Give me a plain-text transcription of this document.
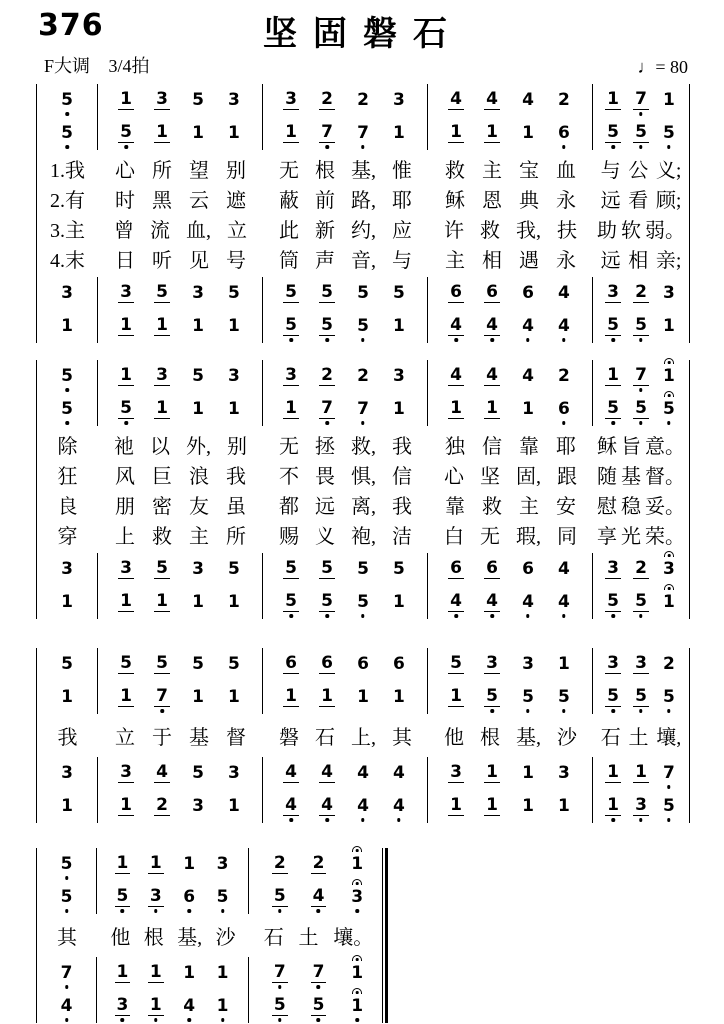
376	坚固磐石
F大调 3/4拍	♩= 80
5
5
1 3 5 3
5 1 1 1
3 2 2 3
1 7 7 1
4 4 4 2
1 1 1 6
1 7 1
5 5 5
1.我 心 所 望 别 无 根 基, 惟 救 主 宝 血 与 公 义;
2.有 时 黑 云 遮 蔽 前 路, 耶 稣 恩 典 永 远 看 顾;
3.主 曾 流 血, 立 此 新 约, 应 许 救 我, 扶 助 软 弱。
4.末 日 听 见 号 筒 声 音, 与 主 相 遇 永 远 相 亲;
3
1
3 5 3 5
1 1 1 1
5 5 5 5
5 5 5 1
6 6 6 4
4 4 4 4
3 2 3
5 5 1
5
5
1 3 5 3
5 1 1 1
3 2 2 3
1 7 7 1
4 4 4 2
1 1 1 6
1 7 1
5 5 5
除 祂 以 外, 别 无 拯 救, 我 独 信 靠 耶 稣 旨 意。
狂 风 巨 浪 我 不 畏 惧, 信 心 坚 固, 跟 随 基 督。
良 朋 密 友 虽 都 远 离, 我 靠 救 主 安 慰 稳 妥。
穿 上 救 主 所 赐 义 袍, 洁 白 无 瑕, 同 享 光 荣。
3
1
3 5 3 5
1 1 1 1
5 5 5 5
5 5 5 1
6 6 6 4
4 4 4 4
3 2 3
5 5 1
5
1
5 5 5 5
1 7 1 1
6 6 6 6
1 1 1 1
5 3 3 1
1 5 5 5
3 3 2
5 5 5
我 立 于 基 督 磐 石 上, 其 他 根 基, 沙 石 土 壤,
3
1
3 4 5 3
1 2 3 1
4 4 4 4
4 4 4 4
3 1 1 3
1 1 1 1
1 1 7
1 3 5
5
5
1 1 1 3
5 3 6 5
2 2 1
5 4 3
其 他 根 基, 沙 石 土 壤。
7
4
1 1 1 1
3 1 4 1
7 7 1
5 5 1
